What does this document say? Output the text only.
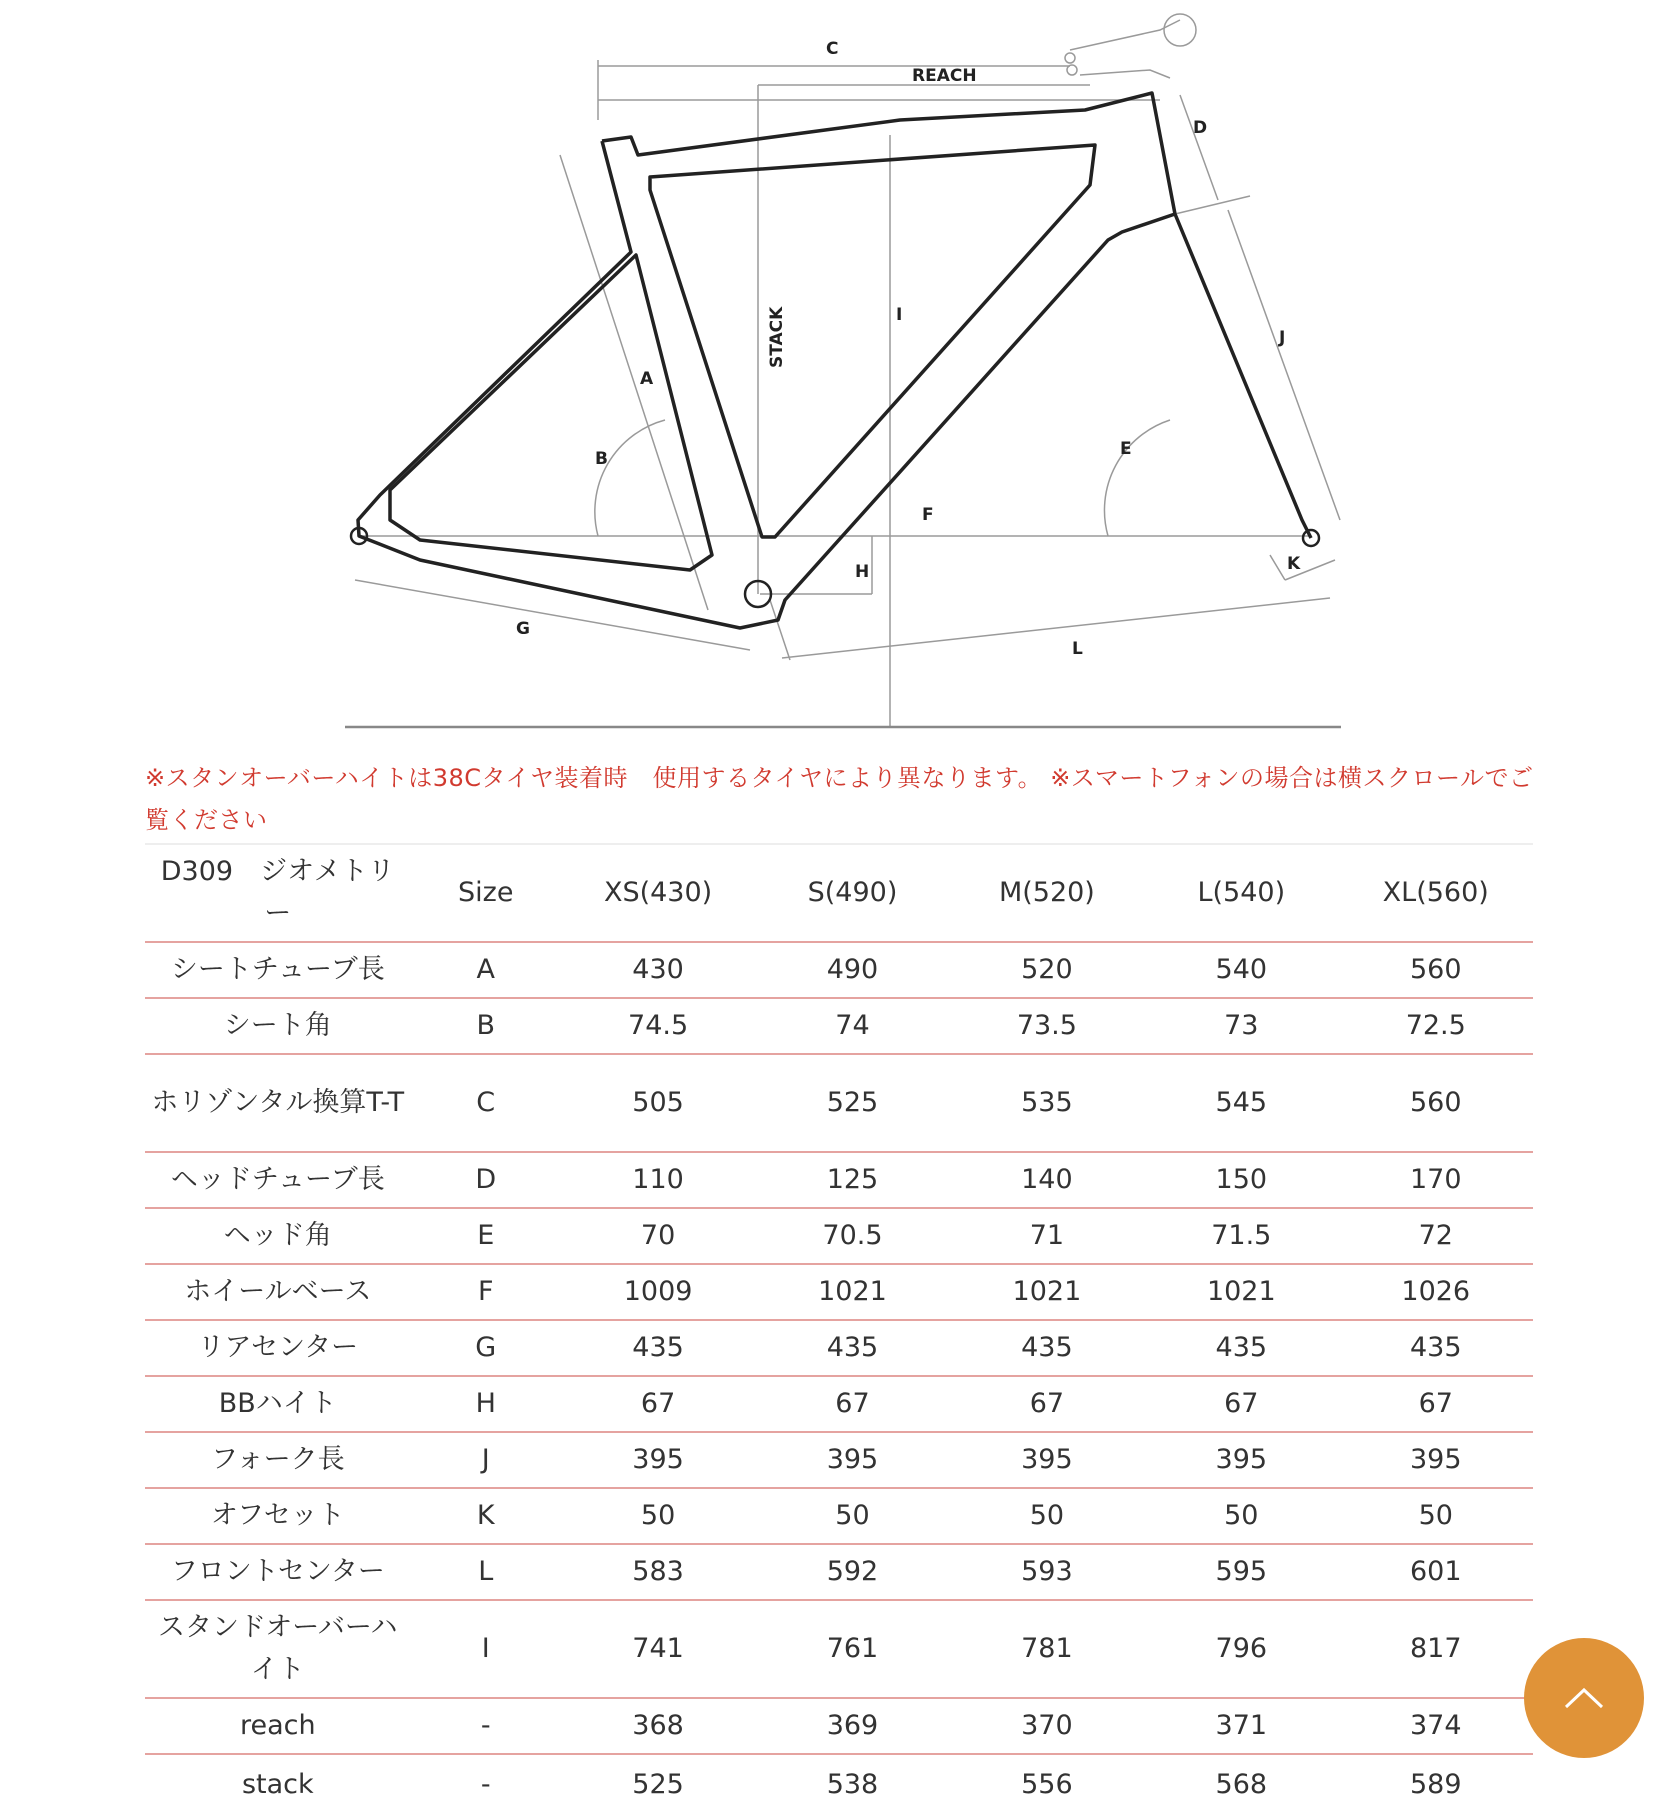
C
REACH
D
I
J
A
B	E
F
H	K
G
L
STACK
※スタンオーバーハイトは38Cタイヤ装着時　使用するタイヤにより異なります。 ※スマートフォンの場合は横スクロールでご覧ください
D309　ジオメトリー	Size	XS(430)	S(490)	M(520)	L(540)	XL(560)
シートチューブ長	A	430	490	520	540	560
シート角	B	74.5	74	73.5	73	72.5
ホリゾンタル換算T-T	C	505	525	535	545	560
ヘッドチューブ長	D	110	125	140	150	170
ヘッド角	E	70	70.5	71	71.5	72
ホイールベース	F	1009	1021	1021	1021	1026
リアセンター	G	435	435	435	435	435
BBハイト	H	67	67	67	67	67
フォーク長	J	395	395	395	395	395
オフセット	K	50	50	50	50	50
フロントセンター	L	583	592	593	595	601
スタンドオーバーハイト	I	741	761	781	796	817
reach	-	368	369	370	371	374
stack	-	525	538	556	568	589
